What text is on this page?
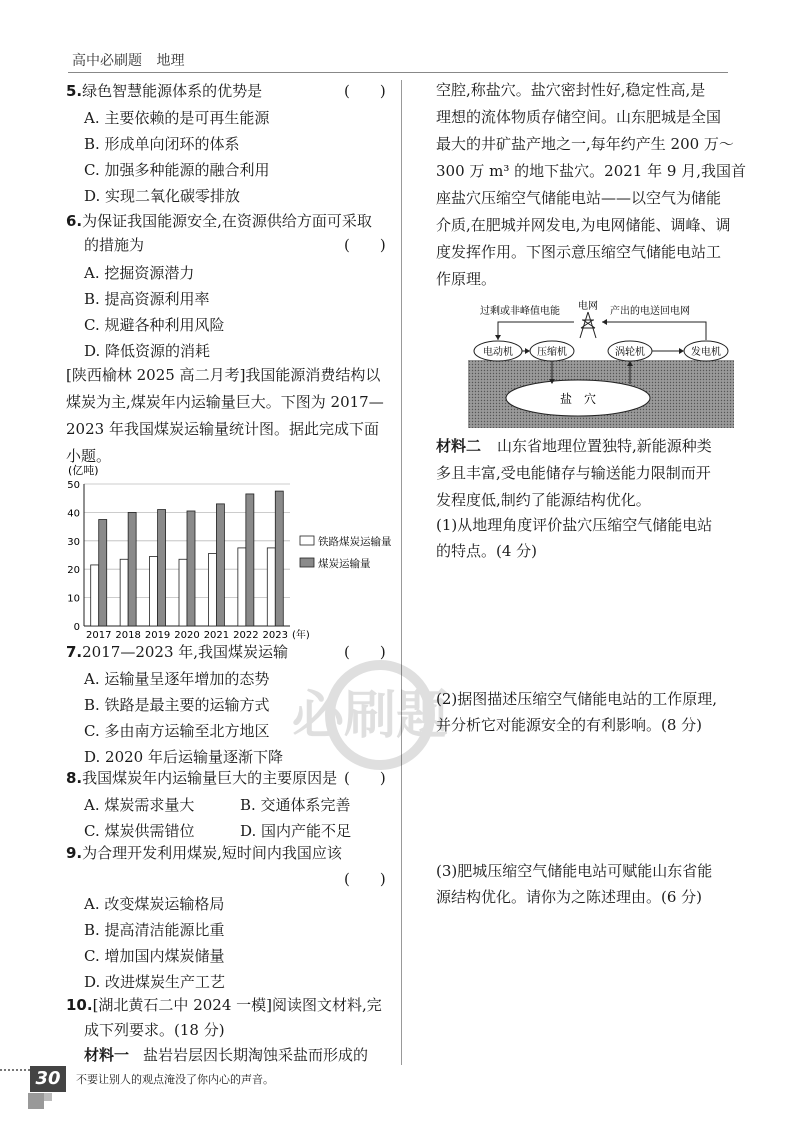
高中必刷题 地理
必刷题
5.绿色智慧能源体系的优势是	(　　)
A. 主要依赖的是可再生能源
B. 形成单向闭环的体系
C. 加强多种能源的融合利用
D. 实现二氧化碳零排放
6.为保证我国能源安全,在资源供给方面可采取
的措施为	(　　)
A. 挖掘资源潜力
B. 提高资源利用率
C. 规避各种利用风险
D. 降低资源的消耗
[陕西榆林 2025 高二月考]我国能源消费结构以
煤炭为主,煤炭年内运输量巨大。下图为 2017—
2023 年我国煤炭运输量统计图。据此完成下面
小题。
(亿吨)
0
10
20
30
40
50
2017 2018 2019 2020 2021 2022 2023 (年)
铁路煤炭运输量
煤炭运输量
7.2017—2023 年,我国煤炭运输	(　　)
A. 运输量呈逐年增加的态势
B. 铁路是最主要的运输方式
C. 多由南方运输至北方地区
D. 2020 年后运输量逐渐下降
8.我国煤炭年内运输量巨大的主要原因是 (　　)
A. 煤炭需求量大	B. 交通体系完善
C. 煤炭供需错位	D. 国内产能不足
9.为合理开发利用煤炭,短时间内我国应该
(　　)
A. 改变煤炭运输格局
B. 提高清洁能源比重
C. 增加国内煤炭储量
D. 改进煤炭生产工艺
10.[湖北黄石二中 2024 一模]阅读图文材料,完
成下列要求。(18 分)
材料一 盐岩岩层因长期淘蚀采盐而形成的
空腔,称盐穴。盐穴密封性好,稳定性高,是
理想的流体物质存储空间。山东肥城是全国
最大的井矿盐产地之一,每年约产生 200 万～
300 万 m³ 的地下盐穴。2021 年 9 月,我国首
座盐穴压缩空气储能电站——以空气为储能
介质,在肥城并网发电,为电网储能、调峰、调
度发挥作用。下图示意压缩空气储能电站工
作原理。
盐　穴
电网
过剩或非峰值电能	产出的电送回电网
电动机 压缩机	涡轮机	发电机
材料二 山东省地理位置独特,新能源种类
多且丰富,受电能储存与输送能力限制而开
发程度低,制约了能源结构优化。
(1)从地理角度评价盐穴压缩空气储能电站
的特点。(4 分)
(2)据图描述压缩空气储能电站的工作原理,
并分析它对能源安全的有利影响。(8 分)
(3)肥城压缩空气储能电站可赋能山东省能
源结构优化。请你为之陈述理由。(6 分)
30	不要让别人的观点淹没了你内心的声音。
